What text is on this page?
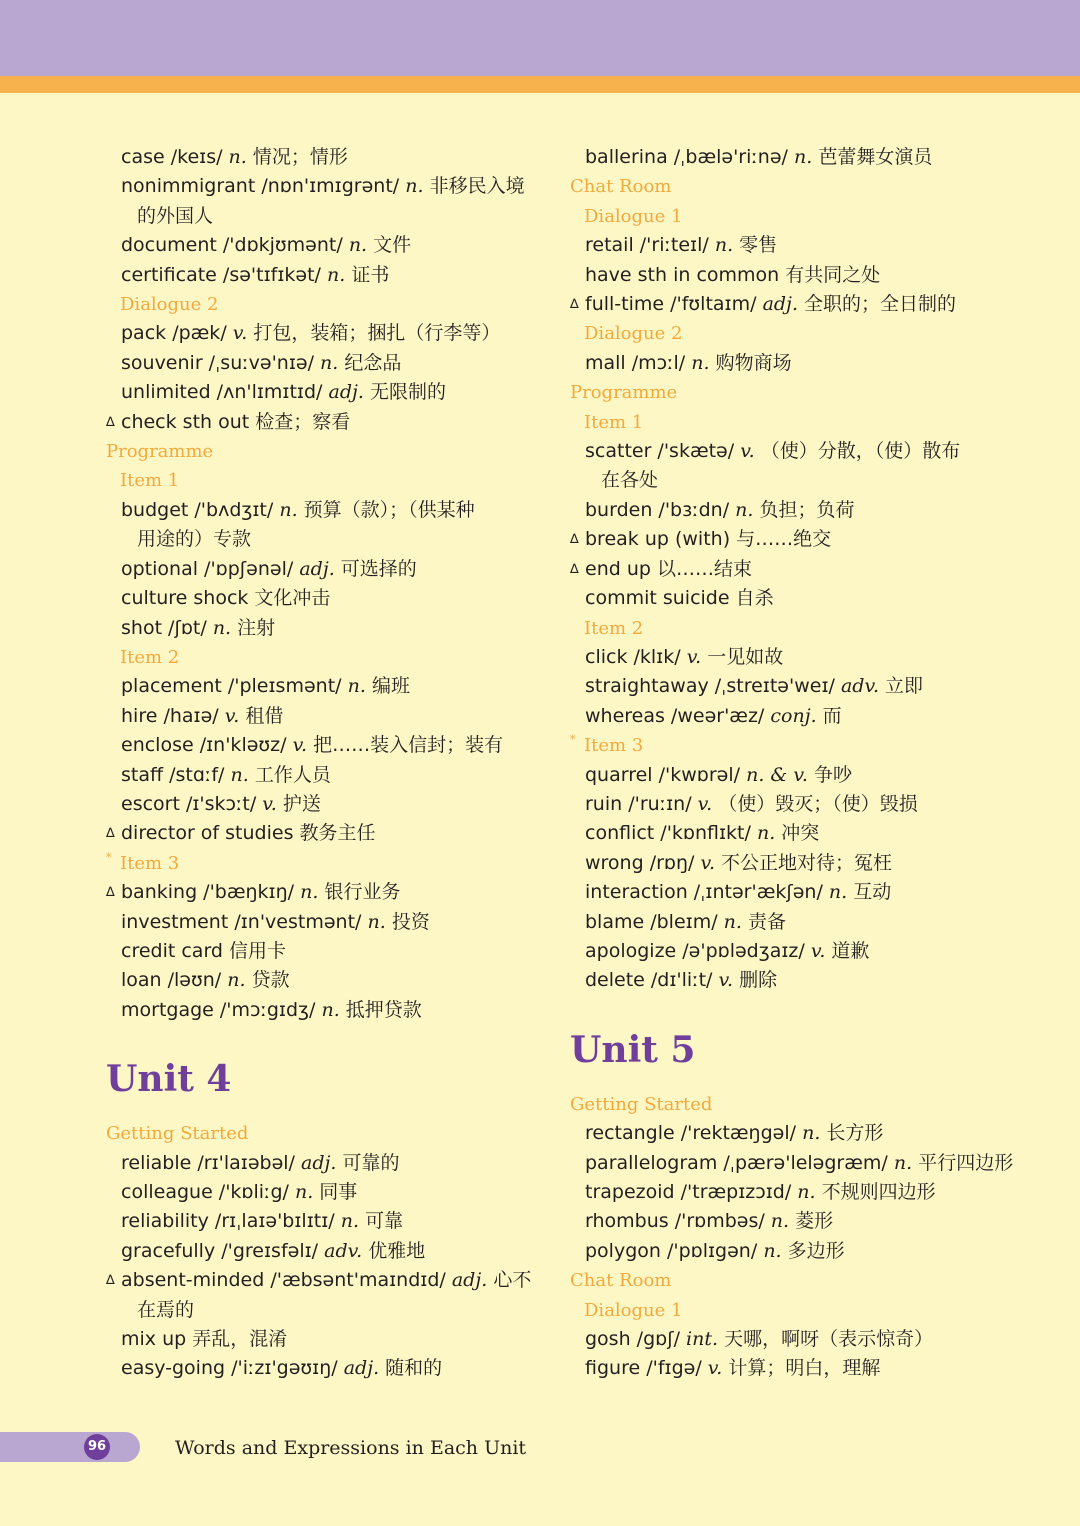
case /keɪs/ n. 情况；情形
nonimmigrant /nɒn'ɪmɪgrənt/ n. 非移民入境
的外国人
document /'dɒkjʊmənt/ n. 文件
certificate /sə'tɪfɪkət/ n. 证书
Dialogue 2
pack /pæk/ v. 打包，装箱；捆扎（行李等）
souvenir /ˌsuːvə'nɪə/ n. 纪念品
unlimited /ʌn'lɪmɪtɪd/ adj. 无限制的
∆ check sth out 检查；察看
Programme
Item 1
budget /'bʌdʒɪt/ n. 预算（款）；（供某种
用途的）专款
optional /'ɒpʃənəl/ adj. 可选择的
culture shock 文化冲击
shot /ʃɒt/ n. 注射
Item 2
placement /'pleɪsmənt/ n. 编班
hire /haɪə/ v. 租借
enclose /ɪn'kləʊz/ v. 把……装入信封；装有
staff /stɑːf/ n. 工作人员
escort /ɪ'skɔːt/ v. 护送
∆ director of studies 教务主任
* Item 3
∆ banking /'bæŋkɪŋ/ n. 银行业务
investment /ɪn'vestmənt/ n. 投资
credit card 信用卡
loan /ləʊn/ n. 贷款
mortgage /'mɔːgɪdʒ/ n. 抵押贷款
Unit 4
Getting Started
reliable /rɪ'laɪəbəl/ adj. 可靠的
colleague /'kɒliːg/ n. 同事
reliability /rɪˌlaɪə'bɪlɪtɪ/ n. 可靠
gracefully /'greɪsfəlɪ/ adv. 优雅地
∆ absent-minded /'æbsənt'maɪndɪd/ adj. 心不
在焉的
mix up 弄乱，混淆
easy-going /'iːzɪ'gəʊɪŋ/ adj. 随和的
ballerina /ˌbælə'riːnə/ n. 芭蕾舞女演员
Chat Room
Dialogue 1
retail /'riːteɪl/ n. 零售
have sth in common 有共同之处
∆ full-time /'fʊltaɪm/ adj. 全职的；全日制的
Dialogue 2
mall /mɔːl/ n. 购物商场
Programme
Item 1
scatter /'skætə/ v. （使）分散，（使）散布
在各处
burden /'bɜːdn/ n. 负担；负荷
∆ break up (with) 与……绝交
∆ end up 以……结束
commit suicide 自杀
Item 2
click /klɪk/ v. 一见如故
straightaway /ˌstreɪtə'weɪ/ adv. 立即
whereas /weər'æz/ conj. 而
* Item 3
quarrel /'kwɒrəl/ n. & v. 争吵
ruin /'ruːɪn/ v. （使）毁灭；（使）毁损
conflict /'kɒnflɪkt/ n. 冲突
wrong /rɒŋ/ v. 不公正地对待；冤枉
interaction /ˌɪntər'ækʃən/ n. 互动
blame /bleɪm/ n. 责备
apologize /ə'pɒlədʒaɪz/ v. 道歉
delete /dɪ'liːt/ v. 删除
Unit 5
Getting Started
rectangle /'rektæŋgəl/ n. 长方形
parallelogram /ˌpærə'leləgræm/ n. 平行四边形
trapezoid /'træpɪzɔɪd/ n. 不规则四边形
rhombus /'rɒmbəs/ n. 菱形
polygon /'pɒlɪgən/ n. 多边形
Chat Room
Dialogue 1
gosh /gɒʃ/ int. 天哪，啊呀（表示惊奇）
figure /'fɪgə/ v. 计算；明白，理解
96	Words and Expressions in Each Unit
